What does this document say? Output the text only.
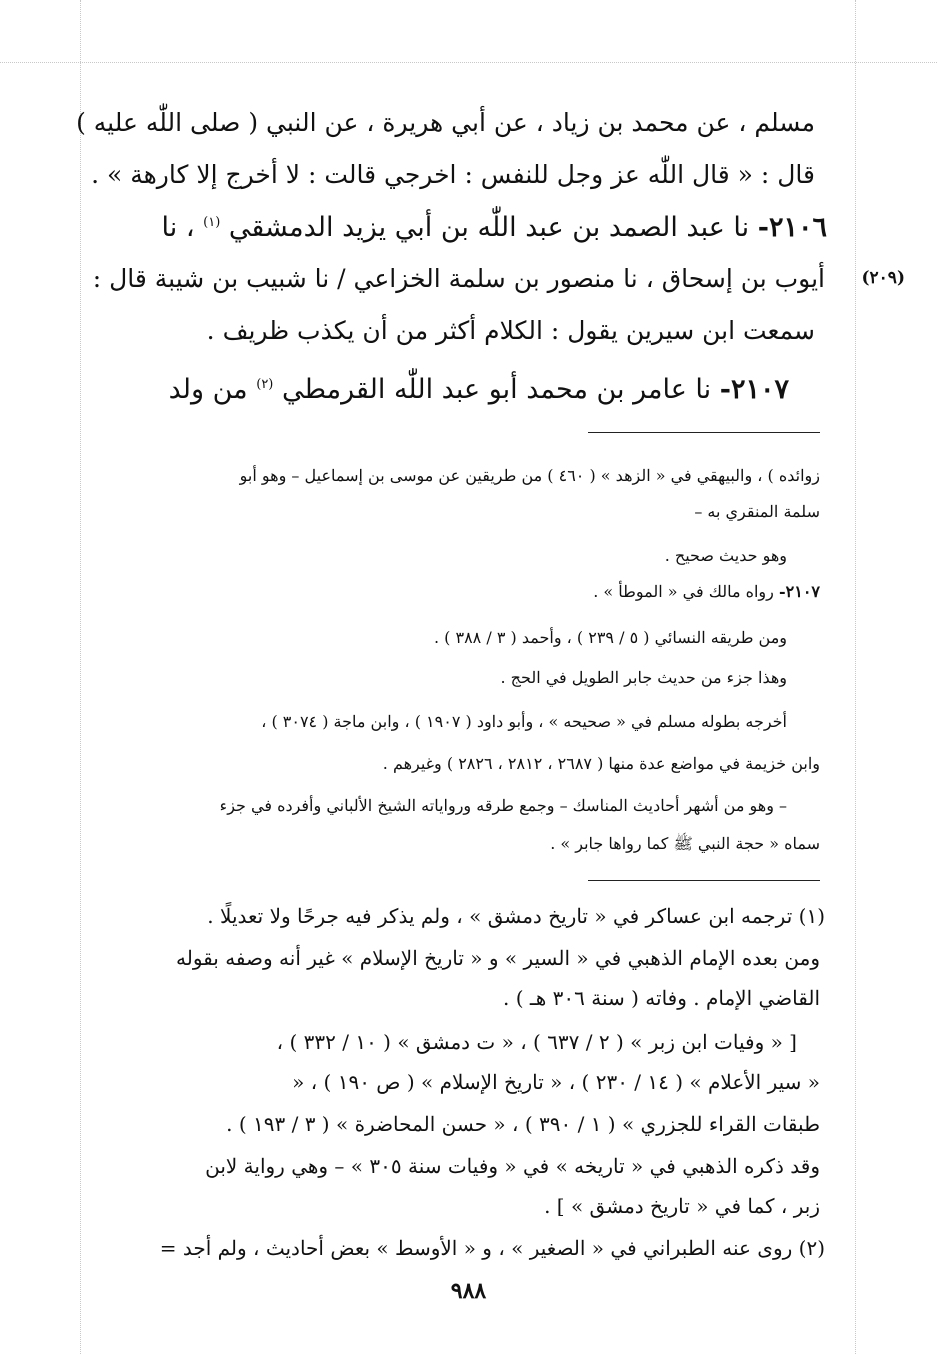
مسلم ، عن محمد بن زياد ، عن أبي هريرة ، عن النبي ( صلى اللّٰه عليه )
قال : « قال اللّٰه عز وجل للنفس : اخرجي قالت : لا أخرج إلا كارهة » .
٢١٠٦- نا عبد الصمد بن عبد اللّٰه بن أبي يزيد الدمشقي $^{(١)}$ ، نا
(٢٠٩)
أيوب بن إسحاق ، نا منصور بن سلمة الخزاعي / نا شبيب بن شيبة قال :
سمعت ابن سيرين يقول : الكلام أكثر من أن يكذب ظريف .
٢١٠٧- نا عامر بن محمد أبو عبد اللّٰه القرمطي $^{(٢)}$ من ولد
زوائده ) ، والبيهقي في « الزهد » ( ٤٦٠ ) من طريقين عن موسى بن إسماعيل – وهو أبو
سلمة المنقري به –
وهو حديث صحيح .
٢١٠٧- رواه مالك في « الموطأ » .
ومن طريقه النسائي ( ٥ / ٢٣٩ ) ، وأحمد ( ٣ / ٣٨٨ ) .
وهذا جزء من حديث جابر الطويل في الحج .
أخرجه بطوله مسلم في « صحيحه » ، وأبو داود ( ١٩٠٧ ) ، وابن ماجة ( ٣٠٧٤ ) ،
وابن خزيمة في مواضع عدة منها ( ٢٦٨٧ ، ٢٨١٢ ، ٢٨٢٦ ) وغيرهم .
– وهو من أشهر أحاديث المناسك – وجمع طرقه ورواياته الشيخ الألباني وأفرده في جزء
سماه « حجة النبي ﷺ كما رواها جابر » .
(١) ترجمه ابن عساكر في « تاريخ دمشق » ، ولم يذكر فيه جرحًا ولا تعديلًا .
ومن بعده الإمام الذهبي في « السير » و « تاريخ الإسلام » غير أنه وصفه بقوله
القاضي الإمام . وفاته ( سنة ٣٠٦ هـ ) .
[ « وفيات ابن زبر » ( ٢ / ٦٣٧ ) ، « ت دمشق » ( ١٠ / ٣٣٢ ) ،
« سير الأعلام » ( ١٤ / ٢٣٠ ) ، « تاريخ الإسلام » ( ص ١٩٠ ) ، «
طبقات القراء للجزري » ( ١ / ٣٩٠ ) ، « حسن المحاضرة » ( ٣ / ١٩٣ ) .
وقد ذكره الذهبي في « تاريخه » في « وفيات سنة ٣٠٥ » – وهي رواية لابن
زبر ، كما في « تاريخ دمشق » ] .
(٢) روى عنه الطبراني في « الصغير » ، و « الأوسط » بعض أحاديث ، ولم أجد =
٩٨٨
